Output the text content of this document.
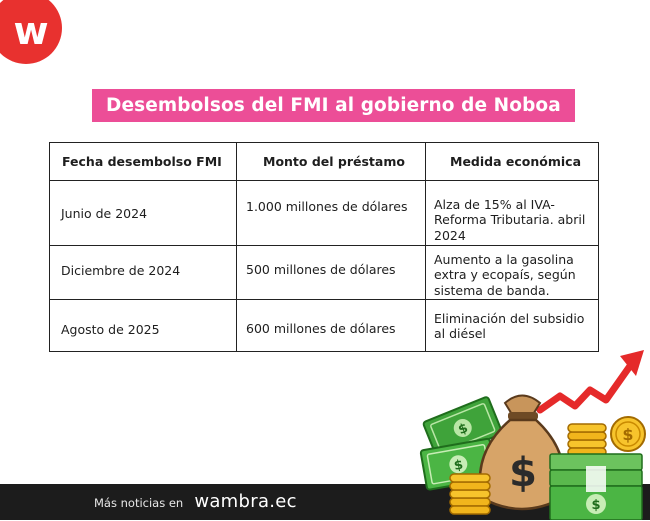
w
Desembolsos del FMI al gobierno de Noboa
Fecha desembolso FMI	Monto del préstamo	Medida económica
Junio de 2024	1.000 millones de dólares	Alza de 15% al IVA- Reforma Tributaria. abril 2024
Diciembre de 2024	500 millones de dólares	Aumento a la gasolina extra y ecopaís, según sistema de banda.
Agosto de 2025	600 millones de dólares	Eliminación del subsidio al diésel
Más noticias en wambra.ec
$
$ $
$
$
